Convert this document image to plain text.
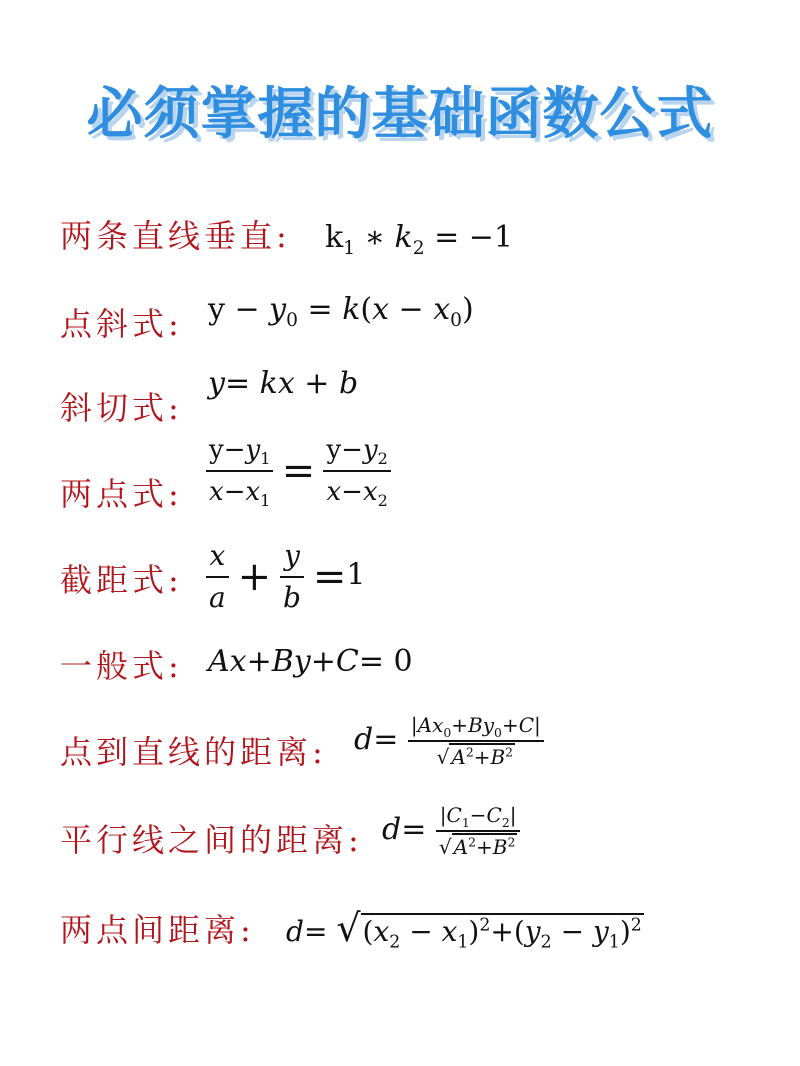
必须掌握的基础函数公式
两条直线垂直: $k_1$ ∗ $k_2 = -1$
点斜式: $y - y_0 = k(x - x_0)$
斜切式:
y= kx + b
两点式: $\frac{y-y_1}{x-x_1} = \frac{y-y_2}{x-x_2}$
截距式: $\frac{x}{a} + \frac{y}{b} =1$
一般式: Ax+By+C= 0
点到直线的距离: $d= \frac{|Ax_0+By_0+C|}{√ A^2+B^2}$
平行线之间的距离: $d= \frac{|C_1-C_2|}{√ A^2+B^2}$
两点间距离: $d= √(x_2 - x_1)^2+(y_2 - y_1)^2$
